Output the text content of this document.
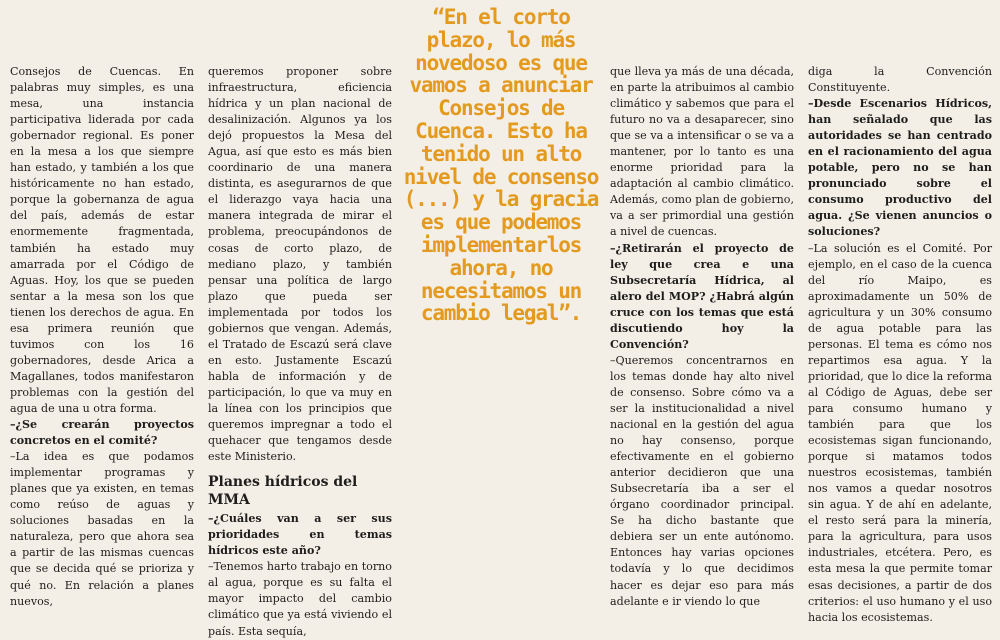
“En el corto plazo, lo más novedoso es que vamos a anunciar Consejos de Cuenca. Esto ha tenido un alto nivel de consenso (...) y la gracia es que podemos implementarlos ahora, no necesitamos un cambio legal”.

Consejos de Cuencas. En palabras muy simples, es una mesa, una instancia participativa liderada por cada gobernador regional. Es poner en la mesa a los que siempre han estado, y también a los que históricamente no han estado, porque la gobernanza de agua del país, además de estar enormemente fragmentada, también ha estado muy amarrada por el Código de Aguas. Hoy, los que se pueden sentar a la mesa son los que tienen los derechos de agua. En esa primera reunión que tuvimos con los 16 gobernadores, desde Arica a Magallanes, todos manifestaron problemas con la gestión del agua de una u otra forma.

–¿Se crearán proyectos concretos en el comité?

–La idea es que podamos implementar programas y planes que ya existen, en temas como reúso de aguas y soluciones basadas en la naturaleza, pero que ahora sea a partir de las mismas cuencas que se decida qué se prioriza y qué no. En relación a planes nuevos,

queremos proponer sobre infraestructura, eficiencia hídrica y un plan nacional de desalinización. Algunos ya los dejó propuestos la Mesa del Agua, así que esto es más bien coordinario de una manera distinta, es asegurarnos de que el liderazgo vaya hacia una manera integrada de mirar el problema, preocupándonos de cosas de corto plazo, de mediano plazo, y también pensar una política de largo plazo que pueda ser implementada por todos los gobiernos que vengan. Además, el Tratado de Escazú será clave en esto. Justamente Escazú habla de información y de participación, lo que va muy en la línea con los principios que queremos impregnar a todo el quehacer que tengamos desde este Ministerio.

Planes hídricos del MMA

–¿Cuáles van a ser sus prioridades en temas hídricos este año?

–Tenemos harto trabajo en torno al agua, porque es su falta el mayor impacto del cambio climático que ya está viviendo el país. Esta sequía,

que lleva ya más de una década, en parte la atribuimos al cambio climático y sabemos que para el futuro no va a desaparecer, sino que se va a intensificar o se va a mantener, por lo tanto es una enorme prioridad para la adaptación al cambio climático. Además, como plan de gobierno, va a ser primordial una gestión a nivel de cuencas.

–¿Retirarán el proyecto de ley que crea e una Subsecretaría Hídrica, al alero del MOP? ¿Habrá algún cruce con los temas que está discutiendo hoy la Convención?

–Queremos concentrarnos en los temas donde hay alto nivel de consenso. Sobre cómo va a ser la institucionalidad a nivel nacional en la gestión del agua no hay consenso, porque efectivamente en el gobierno anterior decidieron que una Subsecretaría iba a ser el órgano coordinador principal. Se ha dicho bastante que debiera ser un ente autónomo. Entonces hay varias opciones todavía y lo que decidimos hacer es dejar eso para más adelante e ir viendo lo que

diga la Convención Constituyente.

–Desde Escenarios Hídricos, han señalado que las autoridades se han centrado en el racionamiento del agua potable, pero no se han pronunciado sobre el consumo productivo del agua. ¿Se vienen anuncios o soluciones?

–La solución es el Comité. Por ejemplo, en el caso de la cuenca del río Maipo, es aproximadamente un 50% de agricultura y un 30% consumo de agua potable para las personas. El tema es cómo nos repartimos esa agua. Y la prioridad, que lo dice la reforma al Código de Aguas, debe ser para consumo humano y también para que los ecosistemas sigan funcionando, porque si matamos todos nuestros ecosistemas, también nos vamos a quedar nosotros sin agua. Y de ahí en adelante, el resto será para la minería, para la agricultura, para usos industriales, etcétera. Pero, es esta mesa la que permite tomar esas decisiones, a partir de dos criterios: el uso humano y el uso hacia los ecosistemas.
